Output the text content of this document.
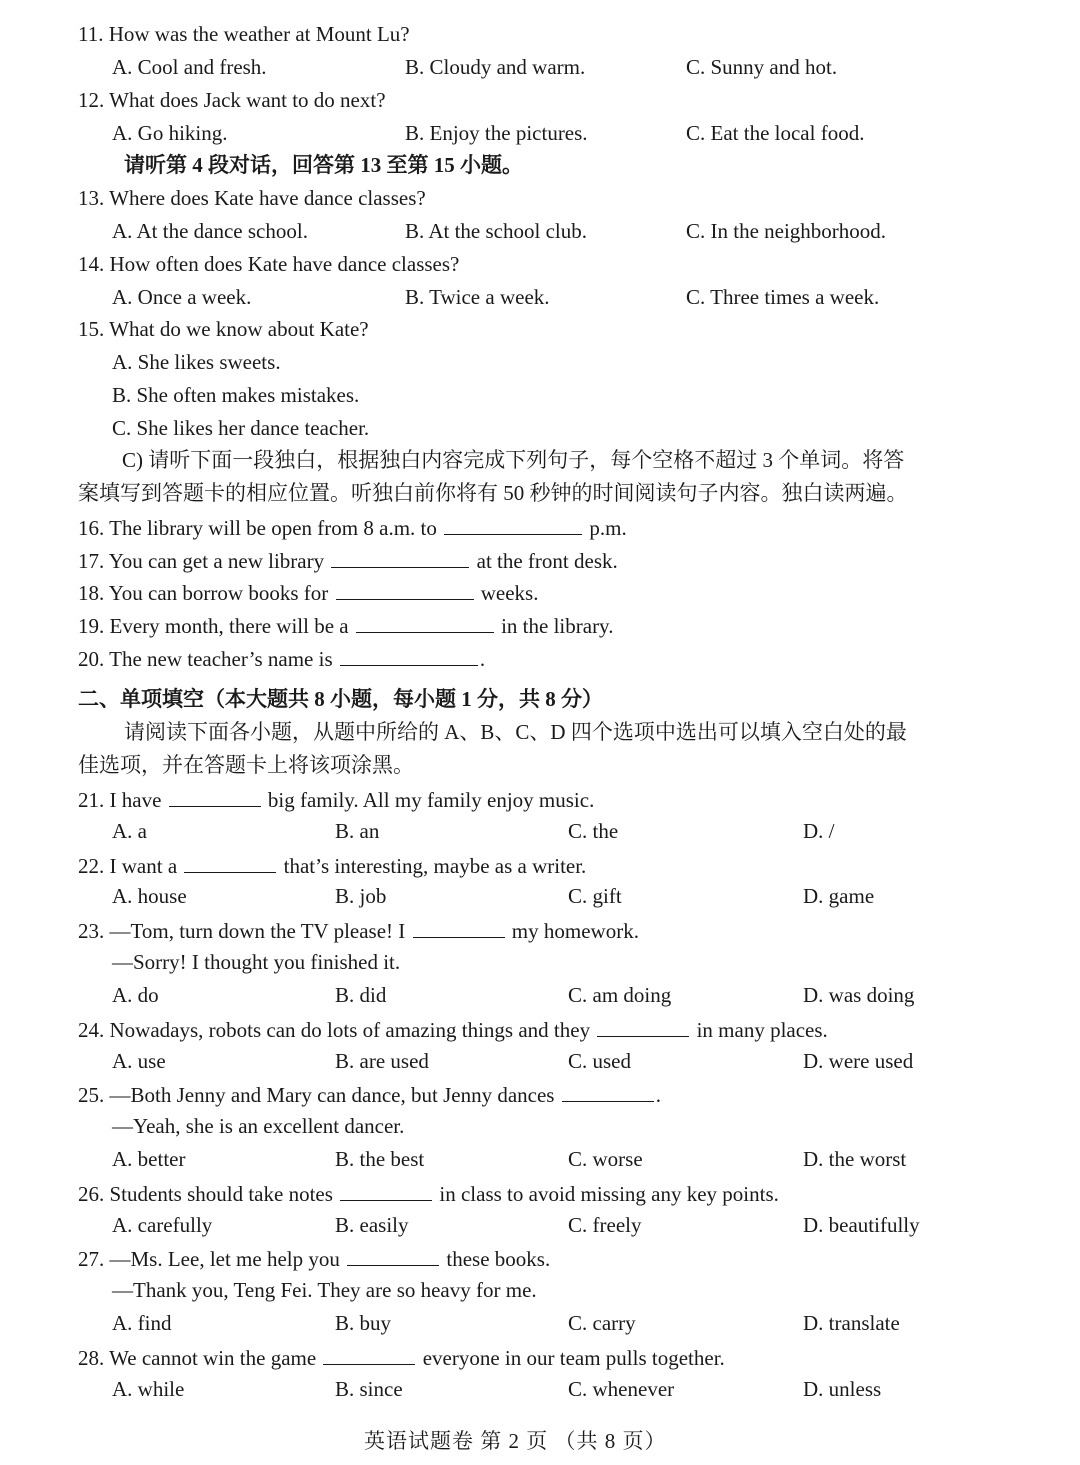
11. How was the weather at Mount Lu?
A. Cool and fresh.	B. Cloudy and warm.	C. Sunny and hot.
12. What does Jack want to do next?
A. Go hiking.	B. Enjoy the pictures.	C. Eat the local food.
请听第 4 段对话，回答第 13 至第 15 小题。
13. Where does Kate have dance classes?
A. At the dance school.	B. At the school club.	C. In the neighborhood.
14. How often does Kate have dance classes?
A. Once a week.	B. Twice a week.	C. Three times a week.
15. What do we know about Kate?
A. She likes sweets.
B. She often makes mistakes.
C. She likes her dance teacher.
C) 请听下面一段独白，根据独白内容完成下列句子，每个空格不超过 3 个单词。将答
案填写到答题卡的相应位置。听独白前你将有 50 秒钟的时间阅读句子内容。独白读两遍。
16. The library will be open from 8 a.m. to	p.m.
17. You can get a new library	at the front desk.
18. You can borrow books for	weeks.
19. Every month, there will be a	in the library.
20. The new teacher’s name is	.
二、单项填空（本大题共 8 小题，每小题 1 分，共 8 分）
请阅读下面各小题，从题中所给的 A、B、C、D 四个选项中选出可以填入空白处的最
佳选项，并在答题卡上将该项涂黑。
21. I have	big family. All my family enjoy music.
A. a	B. an	C. the	D. /
22. I want a	that’s interesting, maybe as a writer.
A. house	B. job	C. gift	D. game
23. —Tom, turn down the TV please! I	my homework.
—Sorry! I thought you finished it.
A. do	B. did	C. am doing	D. was doing
24. Nowadays, robots can do lots of amazing things and they	in many places.
A. use	B. are used	C. used	D. were used
25. —Both Jenny and Mary can dance, but Jenny dances	.
—Yeah, she is an excellent dancer.
A. better	B. the best	C. worse	D. the worst
26. Students should take notes	in class to avoid missing any key points.
A. carefully	B. easily	C. freely	D. beautifully
27. —Ms. Lee, let me help you	these books.
—Thank you, Teng Fei. They are so heavy for me.
A. find	B. buy	C. carry	D. translate
28. We cannot win the game	everyone in our team pulls together.
A. while	B. since	C. whenever	D. unless
英语试题卷 第 2 页 （共 8 页）
